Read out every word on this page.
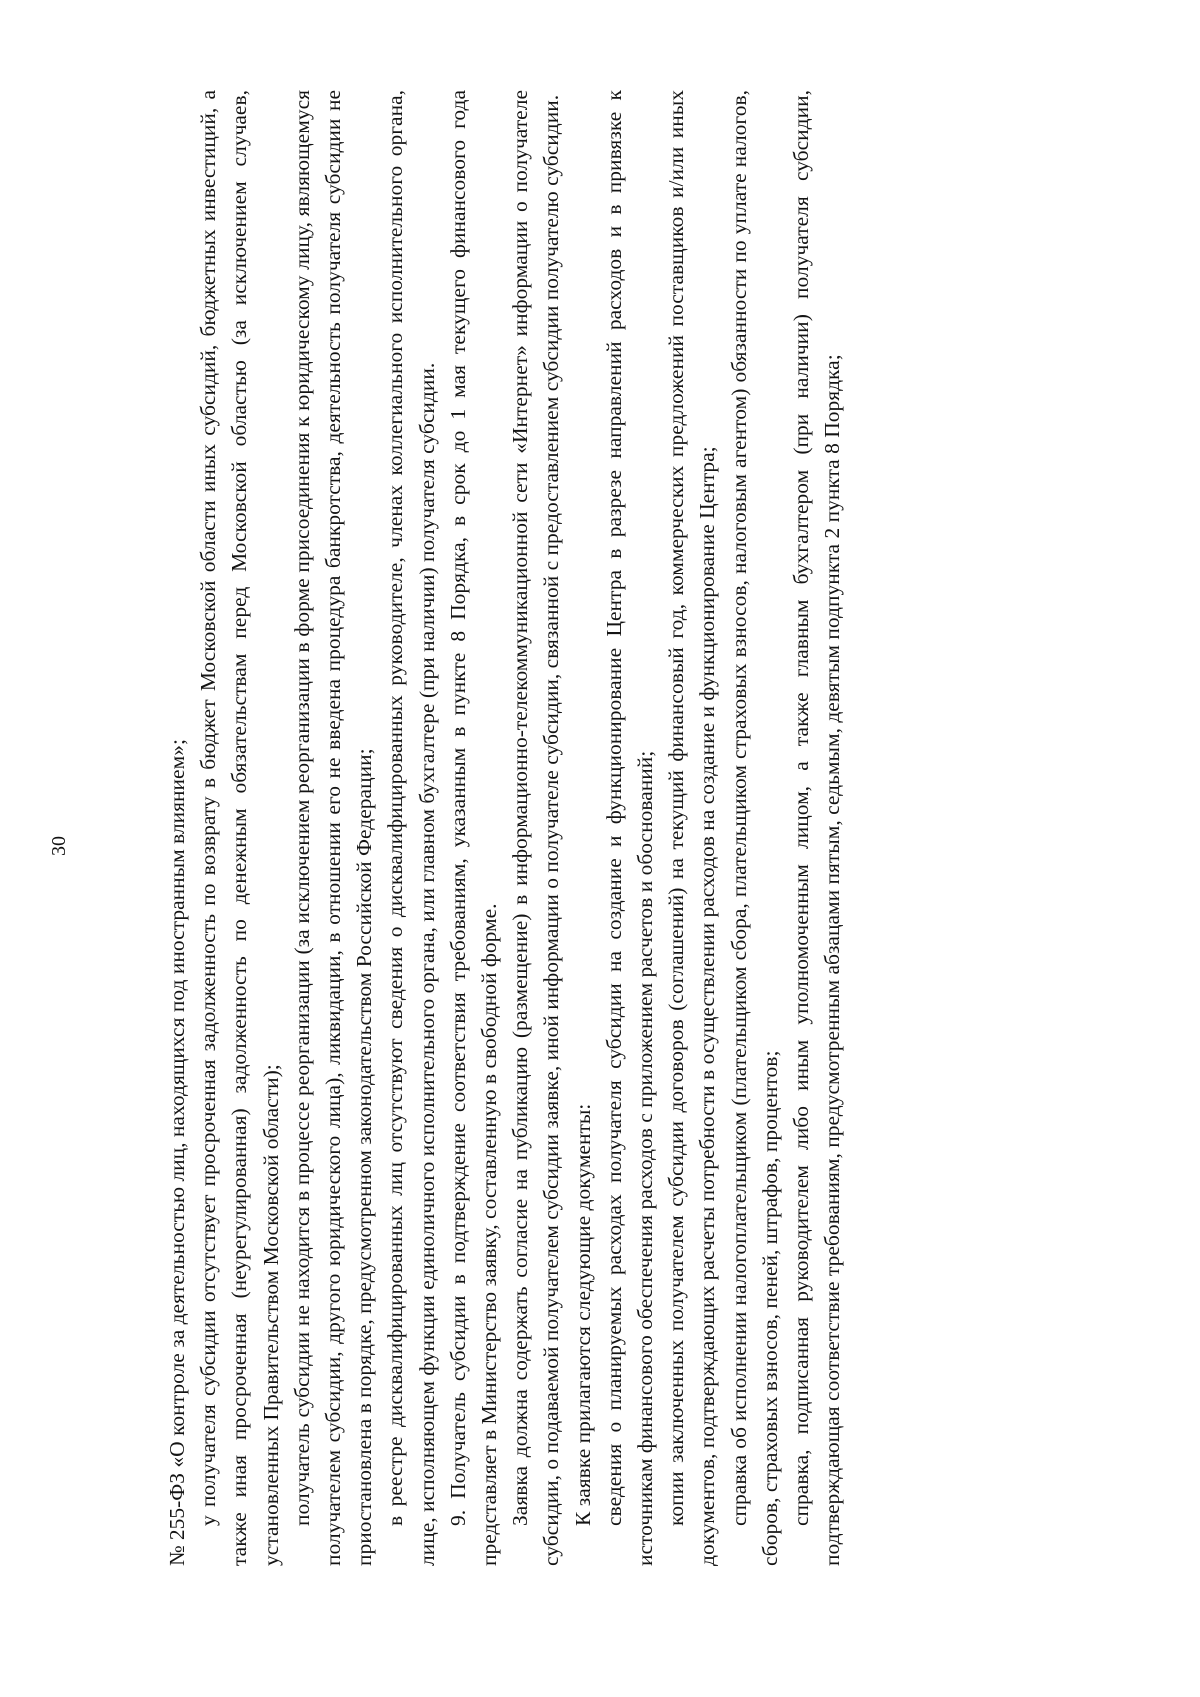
30	№ 255-ФЗ «О контроле за деятельностью лиц, находящихся под иностранным влиянием»; у получателя субсидии отсутствует просроченная задолженность по возврату в бюджет Московской области иных субсидий, бюджетных инвестиций, а также иная просроченная (неурегулированная) задолженность по денежным обязательствам перед Московской областью (за исключением случаев, установленных Правительством Московской области); получатель субсидии не находится в процессе реорганизации (за исключением реорганизации в форме присоединения к юридическому лицу, являющемуся получателем субсидии, другого юридического лица), ликвидации, в отношении его не введена процедура банкротства, деятельность получателя субсидии не приостановлена в порядке, предусмотренном законодательством Российской Федерации; в реестре дисквалифицированных лиц отсутствуют сведения о дисквалифицированных руководителе, членах коллегиального исполнительного органа, лице, исполняющем функции единоличного исполнительного органа, или главном бухгалтере (при наличии) получателя субсидии. 9. Получатель субсидии в подтверждение соответствия требованиям, указанным в пункте 8 Порядка, в срок до 1 мая текущего финансового года представляет в Министерство заявку, составленную в свободной форме. Заявка должна содержать согласие на публикацию (размещение) в информационно-телекоммуникационной сети «Интернет» информации о получателе субсидии, о подаваемой получателем субсидии заявке, иной информации о получателе субсидии, связанной с предоставлением субсидии получателю субсидии. К заявке прилагаются следующие документы: сведения о планируемых расходах получателя субсидии на создание и функционирование Центра в разрезе направлений расходов и в привязке к источникам финансового обеспечения расходов с приложением расчетов и обоснований; копии заключенных получателем субсидии договоров (соглашений) на текущий финансовый год, коммерческих предложений поставщиков и/или иных документов, подтверждающих расчеты потребности в осуществлении расходов на создание и функционирование Центра; справка об исполнении налогоплательщиком (плательщиком сбора, плательщиком страховых взносов, налоговым агентом) обязанности по уплате налогов, сборов, страховых взносов, пеней, штрафов, процентов; справка, подписанная руководителем либо иным уполномоченным лицом, а также главным бухгалтером (при наличии) получателя субсидии, подтверждающая соответствие требованиям, предусмотренным абзацами пятым, седьмым, девятым подпункта 2 пункта 8 Порядка;
